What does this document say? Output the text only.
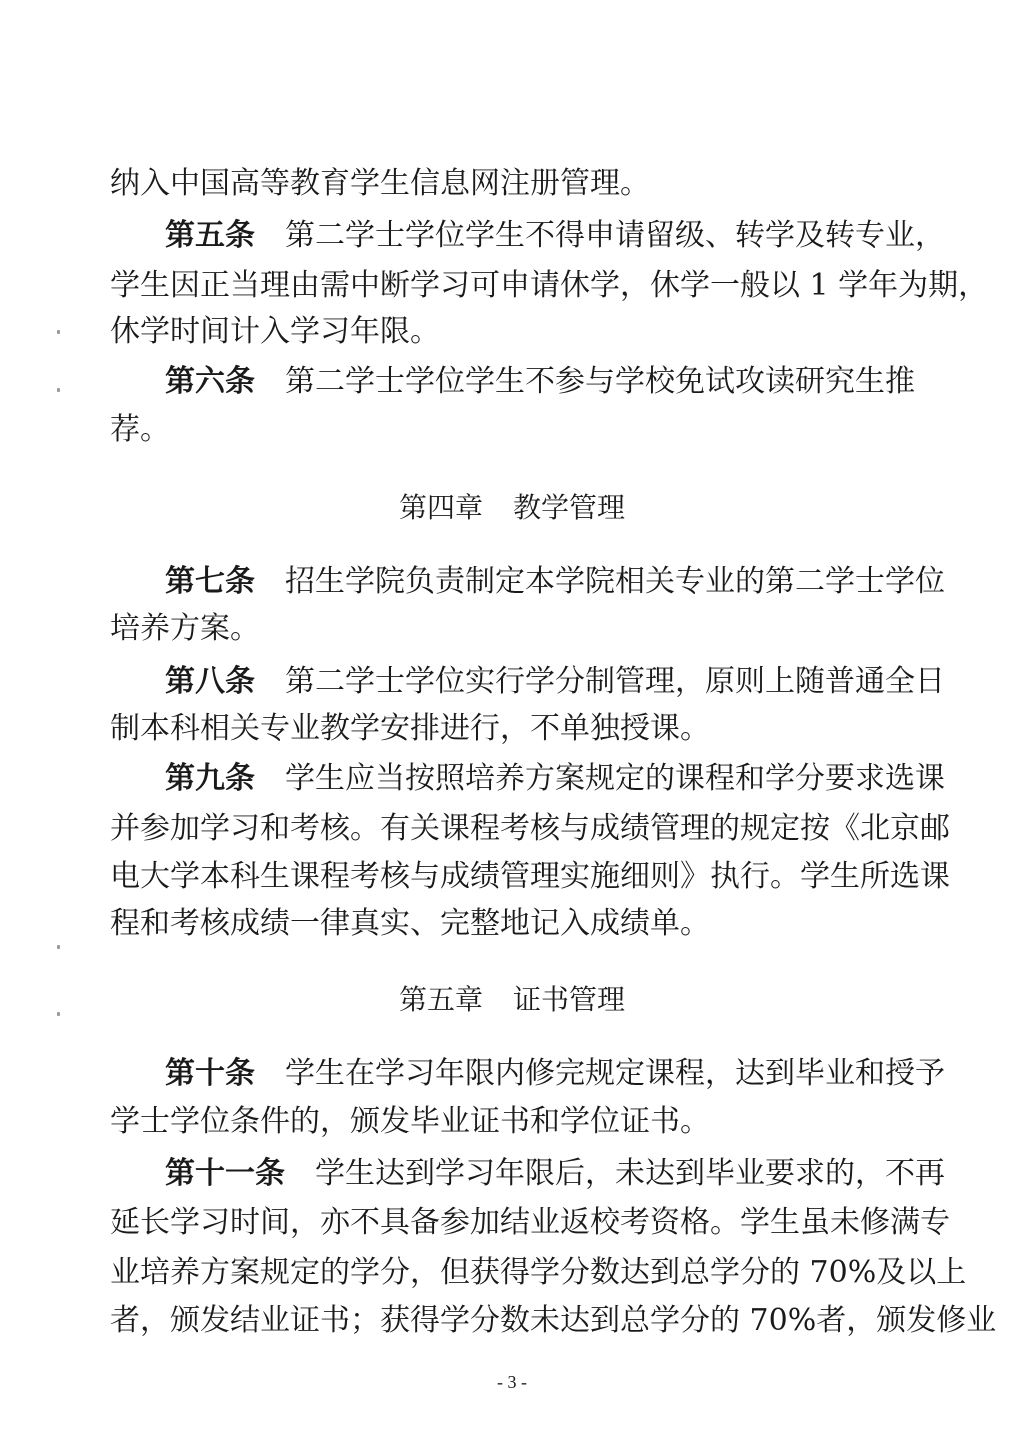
纳入中国高等教育学生信息网注册管理。
第五条 第二学士学位学生不得申请留级、转学及转专业，
学生因正当理由需中断学习可申请休学，休学一般以 1 学年为期，
休学时间计入学习年限。
第六条 第二学士学位学生不参与学校免试攻读研究生推
荐。
第四章 教学管理
第七条 招生学院负责制定本学院相关专业的第二学士学位
培养方案。
第八条 第二学士学位实行学分制管理，原则上随普通全日
制本科相关专业教学安排进行，不单独授课。
第九条 学生应当按照培养方案规定的课程和学分要求选课
并参加学习和考核。有关课程考核与成绩管理的规定按《北京邮
电大学本科生课程考核与成绩管理实施细则》执行。学生所选课
程和考核成绩一律真实、完整地记入成绩单。
第五章 证书管理
第十条 学生在学习年限内修完规定课程，达到毕业和授予
学士学位条件的，颁发毕业证书和学位证书。
第十一条 学生达到学习年限后，未达到毕业要求的，不再
延长学习时间，亦不具备参加结业返校考资格。学生虽未修满专
业培养方案规定的学分，但获得学分数达到总学分的 70%及以上
者，颁发结业证书；获得学分数未达到总学分的 70%者，颁发修业
- 3 -
